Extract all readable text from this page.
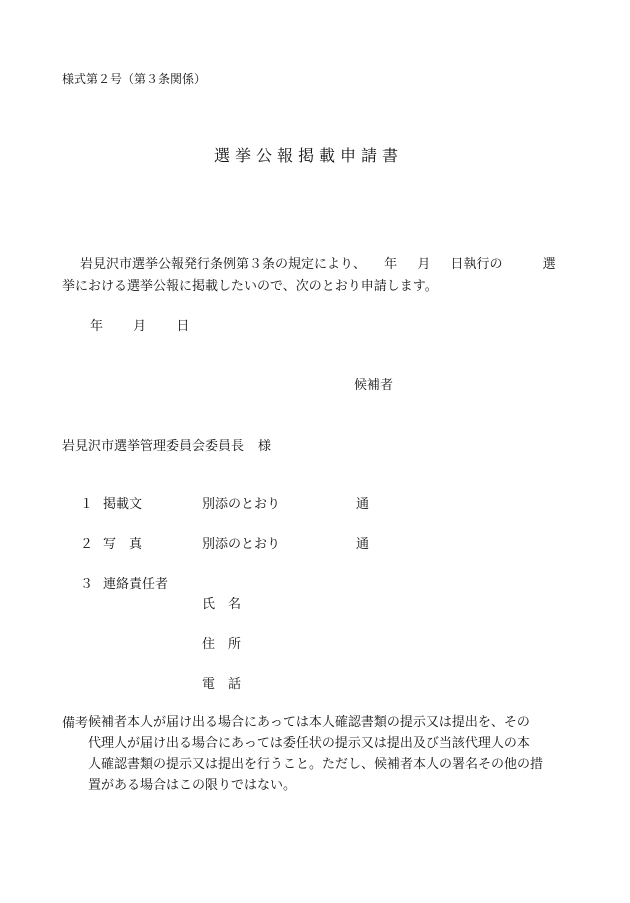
様式第２号（第３条関係）
選挙公報掲載申請書
岩見沢市選挙公報発行条例第３条の規定により、 年 月 日執行の	選
挙における選挙公報に掲載したいので、次のとおり申請します。
年 月 日
候補者
岩見沢市選挙管理委員会委員長 様
１ 掲載文	別添のとおり	通
２ 写　真	別添のとおり	通
３ 連絡責任者
氏　名
住　所
電　話
備考 候補者本人が届け出る場合にあっては本人確認書類の提示又は提出を、その
代理人が届け出る場合にあっては委任状の提示又は提出及び当該代理人の本
人確認書類の提示又は提出を行うこと。ただし、候補者本人の署名その他の措
置がある場合はこの限りではない。
